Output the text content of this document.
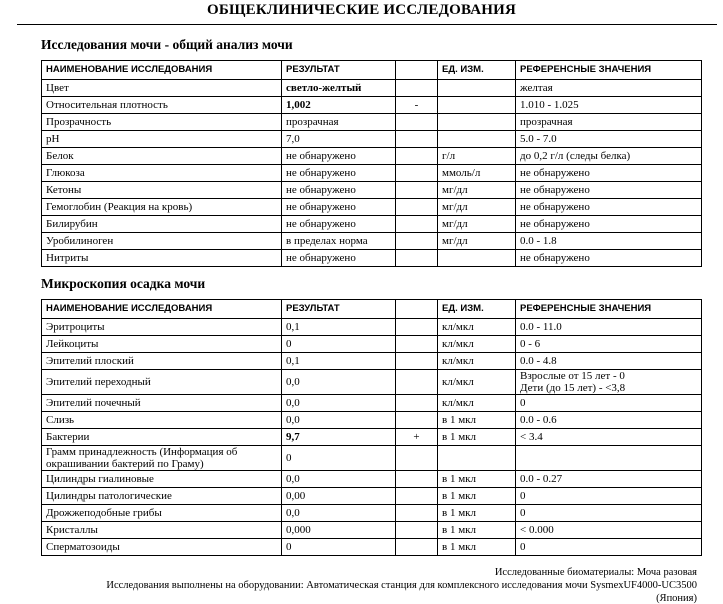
ОБЩЕКЛИНИЧЕСКИЕ ИССЛЕДОВАНИЯ
Исследования мочи - общий анализ мочи
НАИМЕНОВАНИЕ ИССЛЕДОВАНИЯ	РЕЗУЛЬТАТ		ЕД. ИЗМ.	РЕФЕРЕНСНЫЕ ЗНАЧЕНИЯ
Цвет	светло-желтый			желтая
Относительная плотность	1,002	-		1.010 - 1.025
Прозрачность	прозрачная			прозрачная
pH	7,0			5.0 - 7.0
Белок	не обнаружено		г/л	до 0,2 г/л (следы белка)
Глюкоза	не обнаружено		ммоль/л	не обнаружено
Кетоны	не обнаружено		мг/дл	не обнаружено
Гемоглобин (Реакция на кровь)	не обнаружено		мг/дл	не обнаружено
Билирубин	не обнаружено		мг/дл	не обнаружено
Уробилиноген	в пределах норма		мг/дл	0.0 - 1.8
Нитриты	не обнаружено			не обнаружено
Микроскопия осадка мочи
НАИМЕНОВАНИЕ ИССЛЕДОВАНИЯ	РЕЗУЛЬТАТ		ЕД. ИЗМ.	РЕФЕРЕНСНЫЕ ЗНАЧЕНИЯ
Эритроциты	0,1		кл/мкл	0.0 - 11.0
Лейкоциты	0		кл/мкл	0 - 6
Эпителий плоский	0,1		кл/мкл	0.0 - 4.8
Эпителий переходный	0,0		кл/мкл	Взрослые от 15 лет - 0
Дети (до 15 лет) - <3,8
Эпителий почечный	0,0		кл/мкл	0
Слизь	0,0		в 1 мкл	0.0 - 0.6
Бактерии	9,7	+	в 1 мкл	< 3.4
Грамм принадлежность (Информация об окрашивании бактерий по Граму)	0			
Цилиндры гиалиновые	0,0		в 1 мкл	0.0 - 0.27
Цилиндры патологические	0,00		в 1 мкл	0
Дрожжеподобные грибы	0,0		в 1 мкл	0
Кристаллы	0,000		в 1 мкл	< 0.000
Сперматозоиды	0		в 1 мкл	0
Исследованные биоматериалы: Моча разовая
Исследования выполнены на оборудовании: Автоматическая станция для комплексного исследования мочи SysmexUF4000-UC3500
(Япония)
